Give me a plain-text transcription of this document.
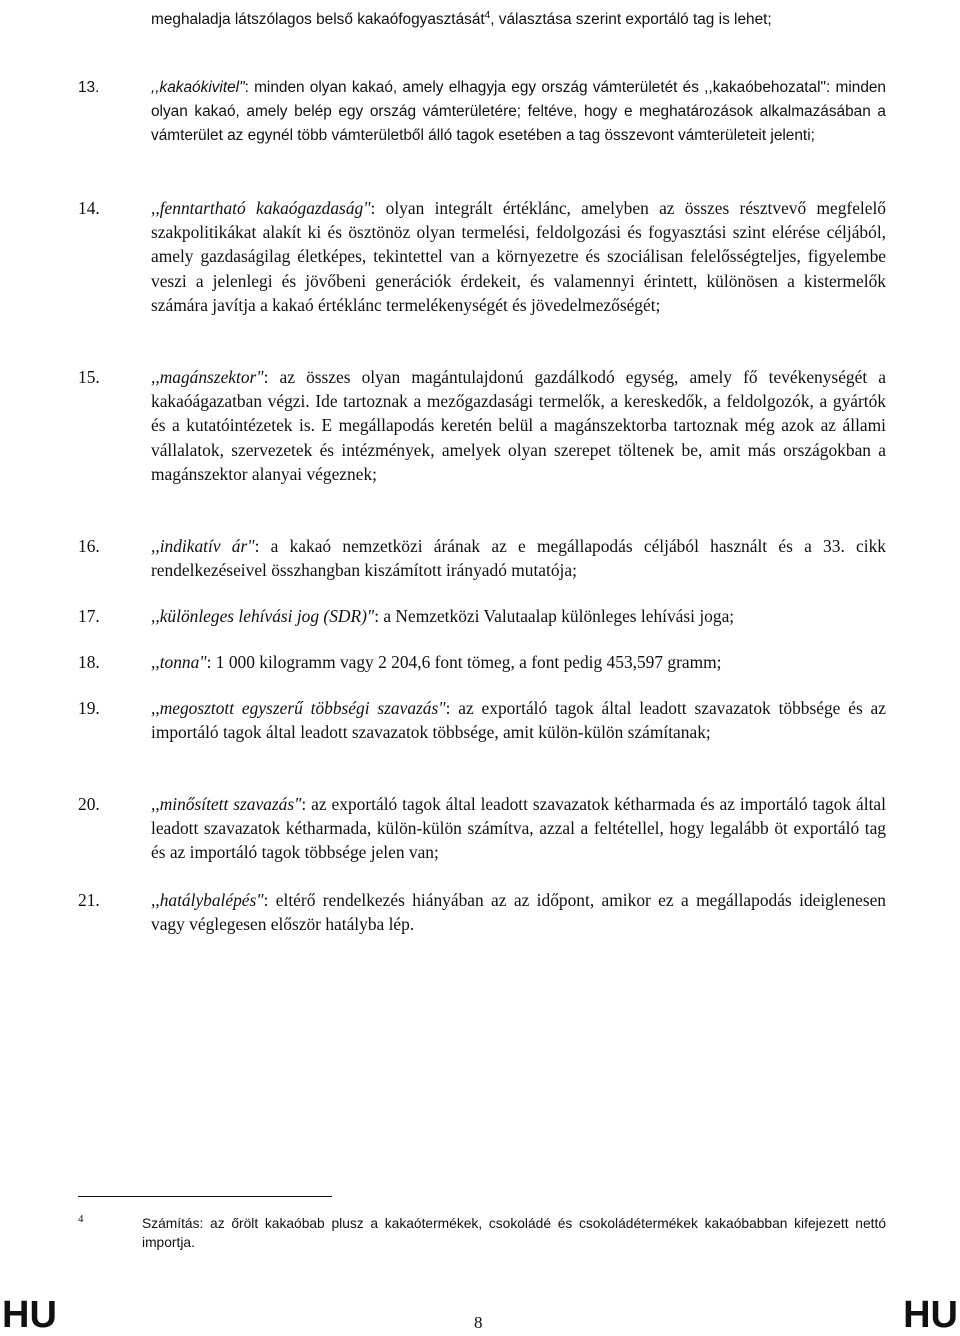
meghaladja látszólagos belső kakaófogyasztását$^4$, választása szerint exportáló tag is lehet;
13.	,,kakaókivitel": minden olyan kakaó, amely elhagyja egy ország vámterületét és ,,kakaóbehozatal": minden olyan kakaó, amely belép egy ország vámterületére; feltéve, hogy e meghatározások alkalmazásában a vámterület az egynél több vámterületből álló tagok esetében a tag összevont vámterületeit jelenti;
14.	,,fenntartható kakaógazdaság": olyan integrált értéklánc, amelyben az összes résztvevő megfelelő szakpolitikákat alakít ki és ösztönöz olyan termelési, feldolgozási és fogyasztási szint elérése céljából, amely gazdaságilag életképes, tekintettel van a környezetre és szociálisan felelősségteljes, figyelembe veszi a jelenlegi és jövőbeni generációk érdekeit, és valamennyi érintett, különösen a kistermelők számára javítja a kakaó értéklánc termelékenységét és jövedelmezőségét;
15.	,,magánszektor": az összes olyan magántulajdonú gazdálkodó egység, amely fő tevékenységét a kakaóágazatban végzi. Ide tartoznak a mezőgazdasági termelők, a kereskedők, a feldolgozók, a gyártók és a kutatóintézetek is. E megállapodás keretén belül a magánszektorba tartoznak még azok az állami vállalatok, szervezetek és intézmények, amelyek olyan szerepet töltenek be, amit más országokban a magánszektor alanyai végeznek;
16.	,,indikatív ár": a kakaó nemzetközi árának az e megállapodás céljából használt és a 33. cikk rendelkezéseivel összhangban kiszámított irányadó mutatója;
17.	,,különleges lehívási jog (SDR)": a Nemzetközi Valutaalap különleges lehívási joga;
18.	,,tonna": 1 000 kilogramm vagy 2 204,6 font tömeg, a font pedig 453,597 gramm;
19.	,,megosztott egyszerű többségi szavazás": az exportáló tagok által leadott szavazatok többsége és az importáló tagok által leadott szavazatok többsége, amit külön-külön számítanak;
20.	,,minősített szavazás": az exportáló tagok által leadott szavazatok kétharmada és az importáló tagok által leadott szavazatok kétharmada, külön-külön számítva, azzal a feltétellel, hogy legalább öt exportáló tag és az importáló tagok többsége jelen van;
21.	,,hatálybalépés": eltérő rendelkezés hiányában az az időpont, amikor ez a megállapodás ideiglenesen vagy véglegesen először hatályba lép.
4	Számítás: az őrölt kakaóbab plusz a kakaótermékek, csokoládé és csokoládétermékek kakaóbabban kifejezett nettó importja.
HU	8	HU
